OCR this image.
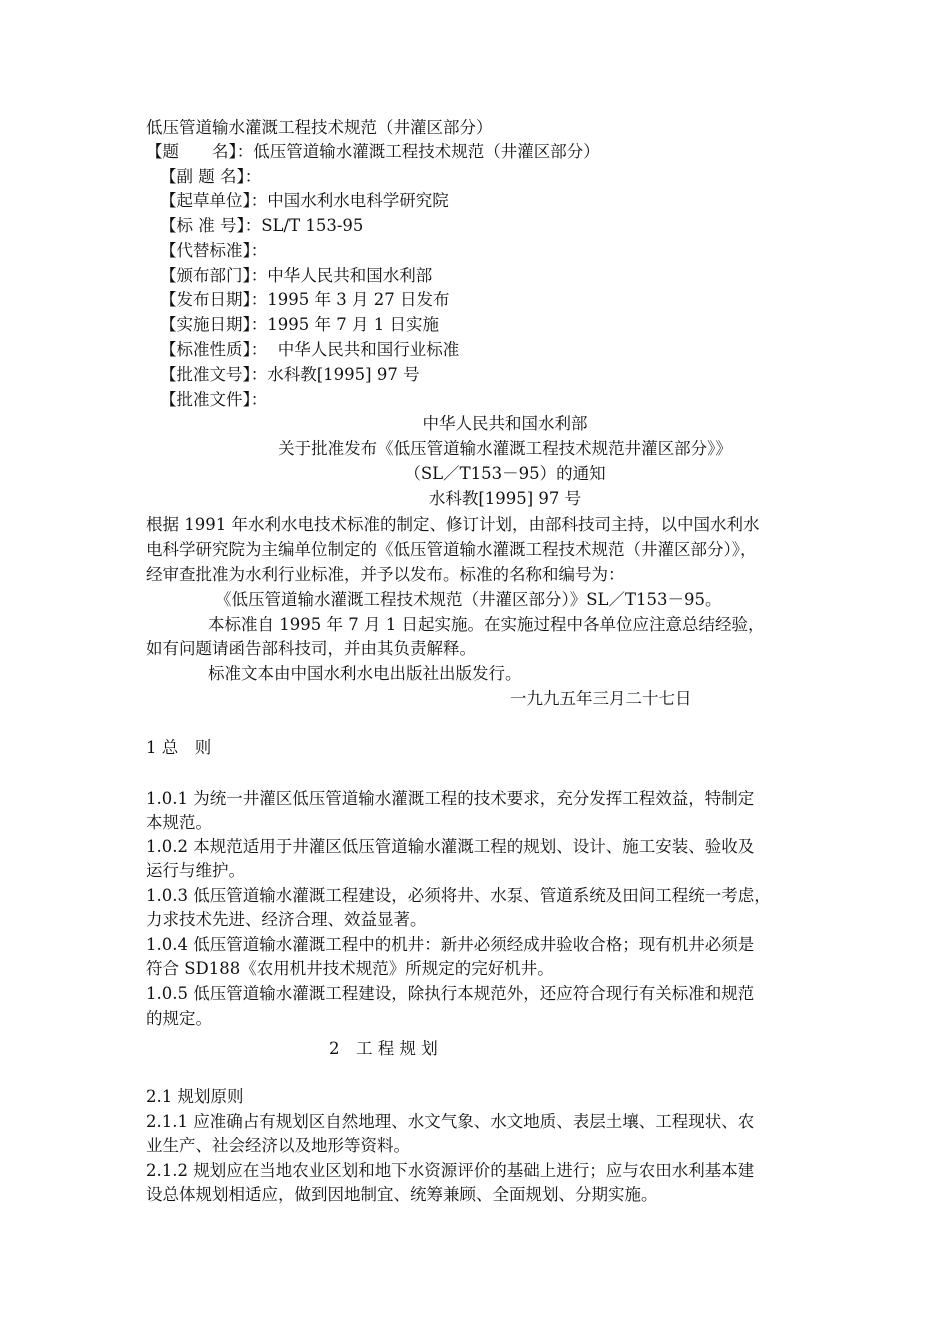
低压管道输水灌溉工程技术规范（井灌区部分）
【题　　名】：低压管道输水灌溉工程技术规范（井灌区部分）
【副 题 名】：
【起草单位】：中国水利水电科学研究院
【标 准 号】：SL/T 153-95
【代替标准】：
【颁布部门】：中华人民共和国水利部
【发布日期】：1995 年 3 月 27 日发布
【实施日期】：1995 年 7 月 1 日实施
【标准性质】：  中华人民共和国行业标准
【批准文号】：水科教[1995] 97 号
【批准文件】：
中华人民共和国水利部
关于批准发布《低压管道输水灌溉工程技术规范井灌区部分》》
（SL／T153－95）的通知
水科教[1995] 97 号
根据 1991 年水利水电技术标准的制定、修订计划，由部科技司主持，以中国水利水
电科学研究院为主编单位制定的《低压管道输水灌溉工程技术规范（井灌区部分）》，
经审查批准为水利行业标准，并予以发布。标准的名称和编号为：
《低压管道输水灌溉工程技术规范（井灌区部分）》SL／T153－95。
本标准自 1995 年 7 月 1 日起实施。在实施过程中各单位应注意总结经验，
如有问题请函告部科技司，并由其负责解释。
标准文本由中国水利水电出版社出版发行。
一九九五年三月二十七日
1 总　则
1.0.1 为统一井灌区低压管道输水灌溉工程的技术要求，充分发挥工程效益，特制定
本规范。
1.0.2 本规范适用于井灌区低压管道输水灌溉工程的规划、设计、施工安装、验收及
运行与维护。
1.0.3 低压管道输水灌溉工程建设，必须将井、水泵、管道系统及田间工程统一考虑，
力求技术先进、经济合理、效益显著。
1.0.4 低压管道输水灌溉工程中的机井：新井必须经成井验收合格；现有机井必须是
符合 SD188《农用机井技术规范》所规定的完好机井。
1.0.5 低压管道输水灌溉工程建设，除执行本规范外，还应符合现行有关标准和规范
的规定。
2　工 程 规 划
2.1 规划原则
2.1.1 应准确占有规划区自然地理、水文气象、水文地质、表层土壤、工程现状、农
业生产、社会经济以及地形等资料。
2.1.2 规划应在当地农业区划和地下水资源评价的基础上进行；应与农田水利基本建
设总体规划相适应，做到因地制宜、统筹兼顾、全面规划、分期实施。
